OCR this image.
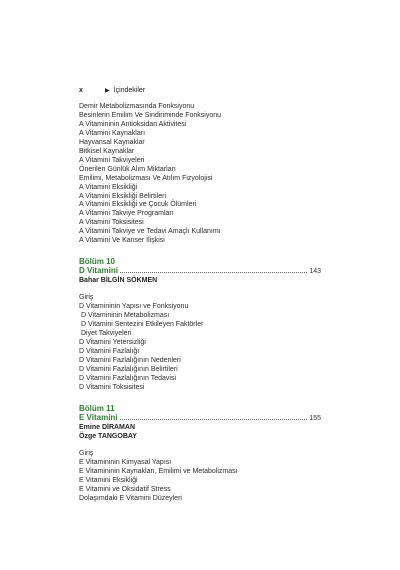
x	▶ İçindekiler
Demir Metabolizmasında Fonksiyonu
Besinlerin Emilim Ve Sindiriminde Fonksiyonu
A Vitamininin Antioksidan Aktivitesi
A Vitamini Kaynakları
Hayvansal Kaynaklar
Bitkisel Kaynaklar
A Vitamini Takviyeleri
Önerilen Günlük Alım Miktarları
Emilimi, Metabolizması Ve Atılım Fizyolojisi
A Vitamini Eksikliği
A Vitamini Eksikliği Belirtileri
A Vitamini Eksikliği ve Çocuk Ölümleri
A Vitamini Takviye Programları
A Vitamini Toksisitesi
A Vitamini Takviye ve Tedavi Amaçlı Kullanımı
A Vitamini Ve Kanser İlişkisi
Bölüm 10
D Vitamini	143
Bahar BİLGİN SÖKMEN
Giriş
D Vitamininin Yapısı ve Fonksiyonu
D Vitamininin Metabolizması
D Vitamini Sentezini Etkileyen Faktörler
Diyet Takviyeleri
D Vitamini Yetersizliği
D Vitamini Fazlalığı
D Vitamini Fazlalığının Nedenleri
D Vitamini Fazlalığının Belirtileri
D Vitamini Fazlalığının Tedavisi
D Vitamini Toksisitesi
Bölüm 11
E Vitamini	155
Emine DİRAMAN
Özge TANGOBAY
Giriş
E Vitamininin Kimyasal Yapısı
E Vitamininin Kaynakları, Emilimi ve Metabolizması
E Vitamini Eksikliği
E Vitamini ve Oksidatif Stress
Dolaşımdaki E Vitamini Düzeyleri
